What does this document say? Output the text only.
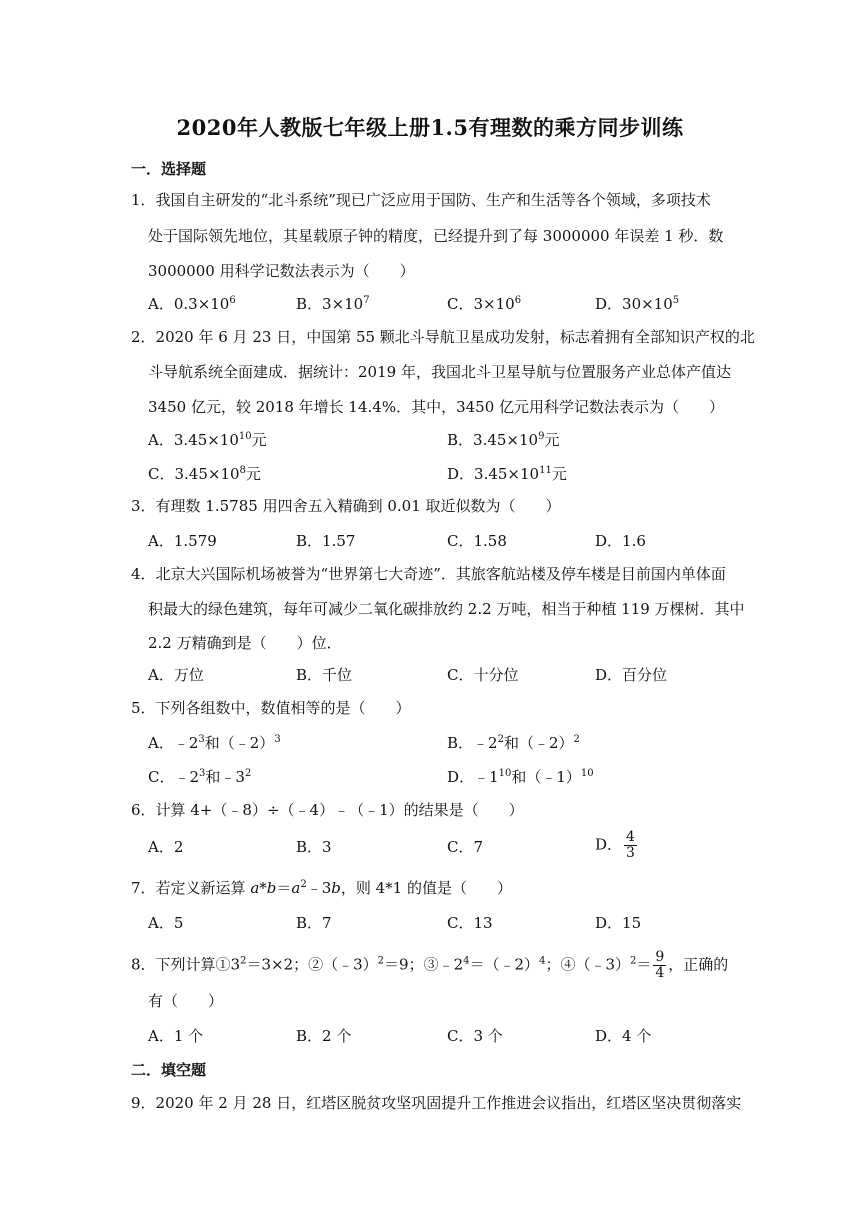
2020年人教版七年级上册1.5有理数的乘方同步训练
一．选择题
1．我国自主研发的“北斗系统”现已广泛应用于国防、生产和生活等各个领域，多项技术
处于国际领先地位，其星载原子钟的精度，已经提升到了每 3000000 年误差 1 秒．数
3000000 用科学记数法表示为（　　）
A．$0.3\times 10^6$	B．$3\times 10^7$	C．$3\times 10^6$	D．$30\times 10^5$
2．2020 年 6 月 23 日，中国第 55 颗北斗导航卫星成功发射，标志着拥有全部知识产权的北
斗导航系统全面建成．据统计：2019 年，我国北斗卫星导航与位置服务产业总体产值达
3450 亿元，较 2018 年增长 14.4%．其中，3450 亿元用科学记数法表示为（　　）
A．$3.45\times 10^{10}$元	B．$3.45\times 10^9$元
C．$3.45\times 10^8$元	D．$3.45\times 10^{11}$元
3．有理数 1.5785 用四舍五入精确到 0.01 取近似数为（　　）
A．1.579	B．1.57	C．1.58	D．1.6
4．北京大兴国际机场被誉为“世界第七大奇迹”．其旅客航站楼及停车楼是目前国内单体面
积最大的绿色建筑，每年可减少二氧化碳排放约 2.2 万吨，相当于种植 119 万棵树．其中
2.2 万精确到是（　　）位．
A．万位	B．千位	C．十分位	D．百分位
5．下列各组数中，数值相等的是（　　）
A．$﹣2^3$和（﹣2）$^3$	B．$﹣2^2$和（﹣2）$^2$
C．$﹣2^3$和$﹣3^2$	D．$﹣1^{10}$和（﹣1）$^{10}$
6．计算 4+（﹣8）÷（﹣4）﹣（﹣1）的结果是（　　）
A．2	B．3	C．7	D． $\frac{4}{3}$
7．若定义新运算 $a*b=a^2﹣3b$，则 4*1 的值是（　　）
A．5	B．7	C．13	D．15
8．下列计算$①3^2=3\times 2$；②（﹣3）$^2$＝9；$③﹣2^4=(﹣2)^4$；④（﹣3）$^2$＝ $\frac{9}{4}$ ，正确的
有（　　）
A．1 个	B．2 个	C．3 个	D．4 个
二．填空题
9．2020 年 2 月 28 日，红塔区脱贫攻坚巩固提升工作推进会议指出，红塔区坚决贯彻落实
